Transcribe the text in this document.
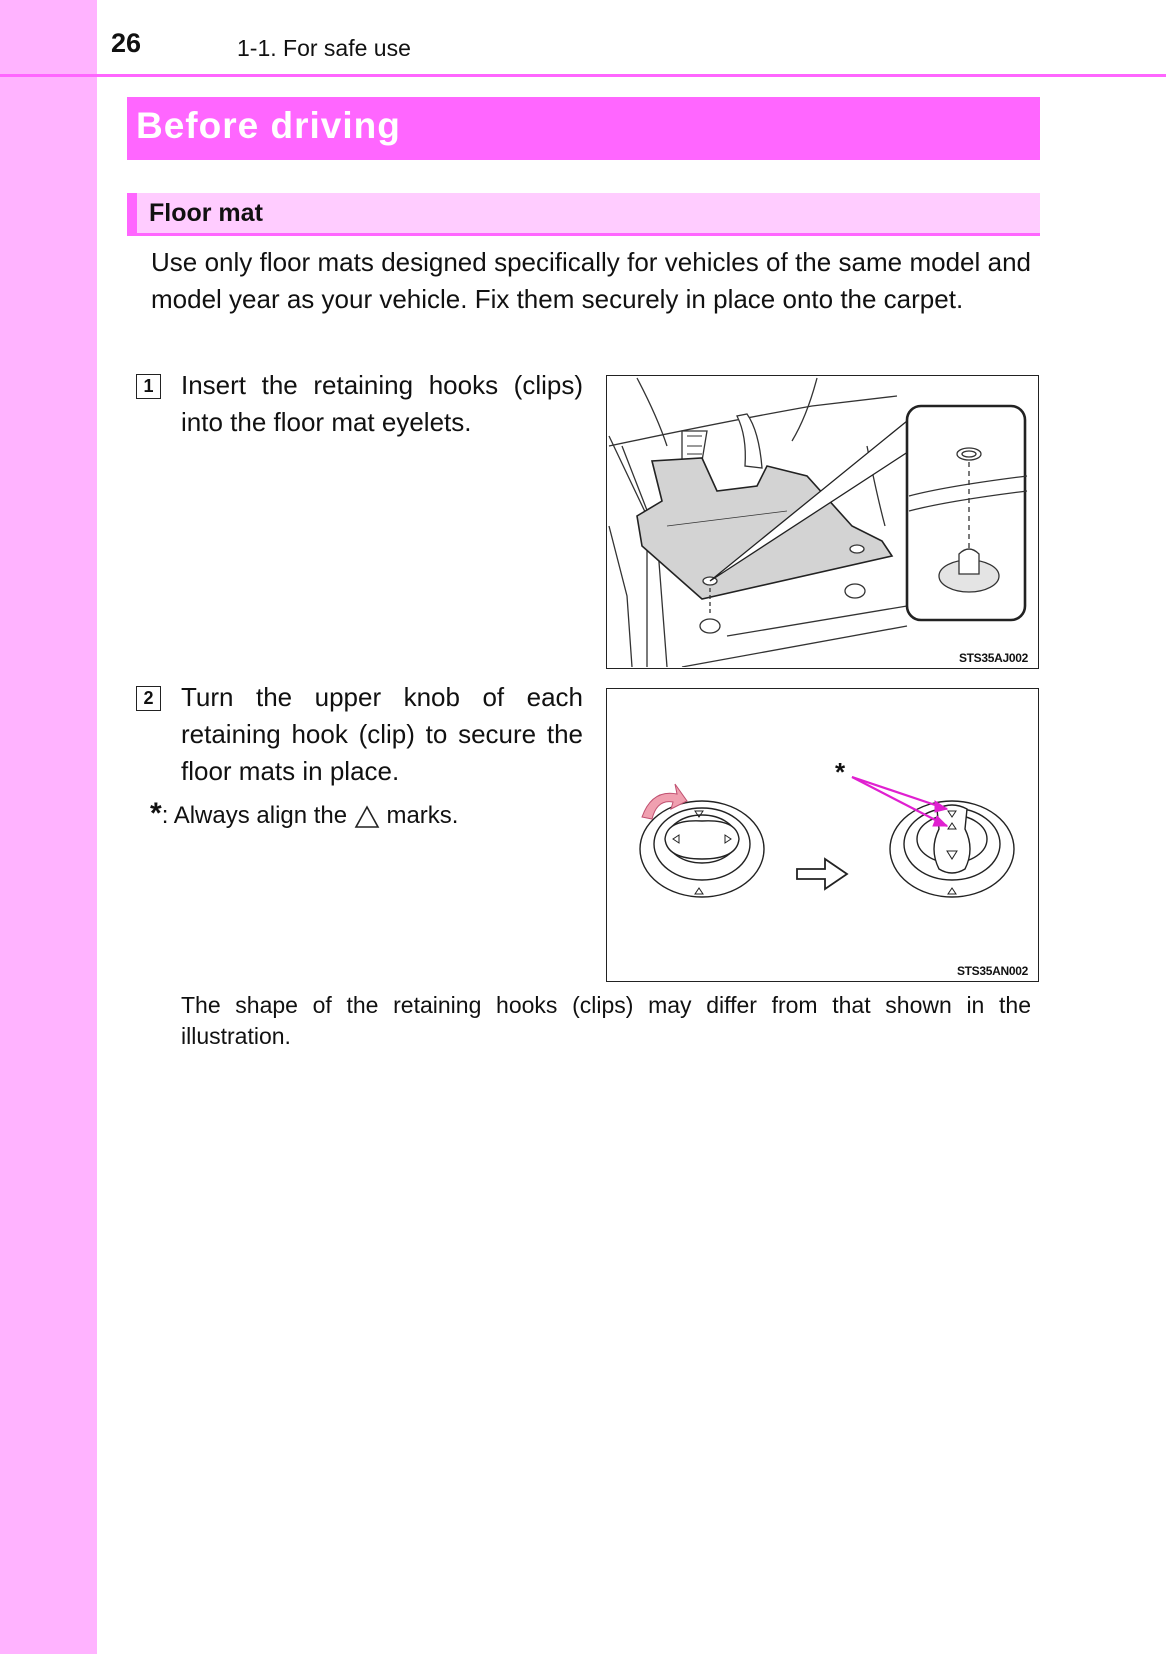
26	1-1. For safe use
Before driving
Floor mat
Use only floor mats designed specifically for vehicles of the same model and model year as your vehicle. Fix them securely in place onto the carpet.
1 Insert the retaining hooks (clips) into the floor mat eyelets.
2 Turn the upper knob of each retaining hook (clip) to secure the floor mats in place.
*: Always align the marks.
STS35AJ002
*
STS35AN002
The shape of the retaining hooks (clips) may differ from that shown in the illustration.
